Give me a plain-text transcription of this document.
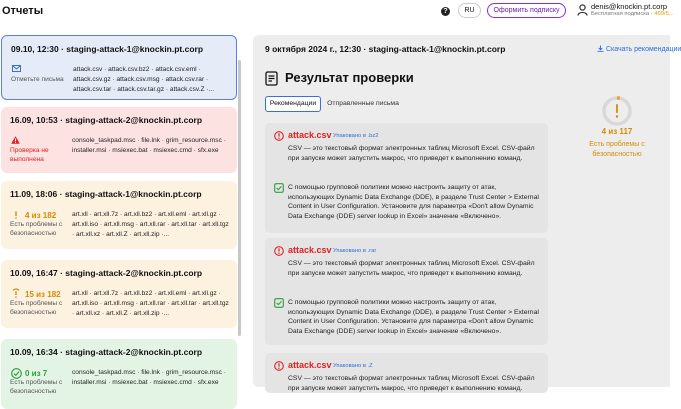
Отчеты	?	RU	Оформить подписку	denis@knockin.pt.corp
Бесплатная подписка · 499/5...
09.10, 12:30 · staging-attack-1@knockin.pt.corp
Отметьте письма
attack.csv · attack.csv.bz2 · attack.csv.eml · attack.csv.gz · attack.csv.msg · attack.csv.rar · attack.csv.tar · attack.csv.tar.gz · attack.csv.Z ·...
16.09, 10:53 · staging-attack-2@knockin.pt.corp
Проверка не выполнена
console_taskpad.msc · file.lnk · grim_resource.msc · installer.msi · msiexec.bat · msiexec.cmd · sfx.exe
11.09, 18:06 · staging-attack-1@knockin.pt.corp
4 из 182
Есть проблемы с безопасностью
art.xll · art.xll.7z · art.xll.bz2 · art.xll.eml · art.xll.gz · art.xll.iso · art.xll.msg · art.xll.rar · art.xll.tar · art.xll.tgz · art.xll.xz · art.xll.Z · art.xll.zip ·...
10.09, 16:47 · staging-attack-2@knockin.pt.corp
15 из 182
Есть проблемы с безопасностью
art.xll · art.xll.7z · art.xll.bz2 · art.xll.eml · art.xll.gz · art.xll.iso · art.xll.msg · art.xll.rar · art.xll.tar · art.xll.tgz · art.xll.xz · art.xll.Z · art.xll.zip ·...
10.09, 16:34 · staging-attack-2@knockin.pt.corp
0 из 7
Есть проблемы с безопасностью
console_taskpad.msc · file.lnk · grim_resource.msc · installer.msi · msiexec.bat · msiexec.cmd · sfx.exe
9 октября 2024 г., 12:30 · staging-attack-1@knockin.pt.corp	Скачать рекомендации
Результат проверки
Рекомендации	Отправленные письма
4 из 117
Есть проблемы с безопасностью
attack.csv Упаковано в .bz2
CSV — это текстовый формат электронных таблиц Microsoft Excel. CSV-файл при запуске может запустить макрос, что приведет к выполнению команд.
С помощью групповой политики можно настроить защиту от атак, использующих Dynamic Data Exchange (DDE), в разделе Trust Center > External Content in User Configuration. Установите для параметра «Don't allow Dynamic Data Exchange (DDE) server lookup in Excel» значение «Включено».
attack.csv Упаковано в .rar
CSV — это текстовый формат электронных таблиц Microsoft Excel. CSV-файл при запуске может запустить макрос, что приведет к выполнению команд.
С помощью групповой политики можно настроить защиту от атак, использующих Dynamic Data Exchange (DDE), в разделе Trust Center > External Content in User Configuration. Установите для параметра «Don't allow Dynamic Data Exchange (DDE) server lookup in Excel» значение «Включено».
attack.csv Упаковано в .Z
CSV — это текстовый формат электронных таблиц Microsoft Excel. CSV-файл при запуске может запустить макрос, что приведет к выполнению команд.
